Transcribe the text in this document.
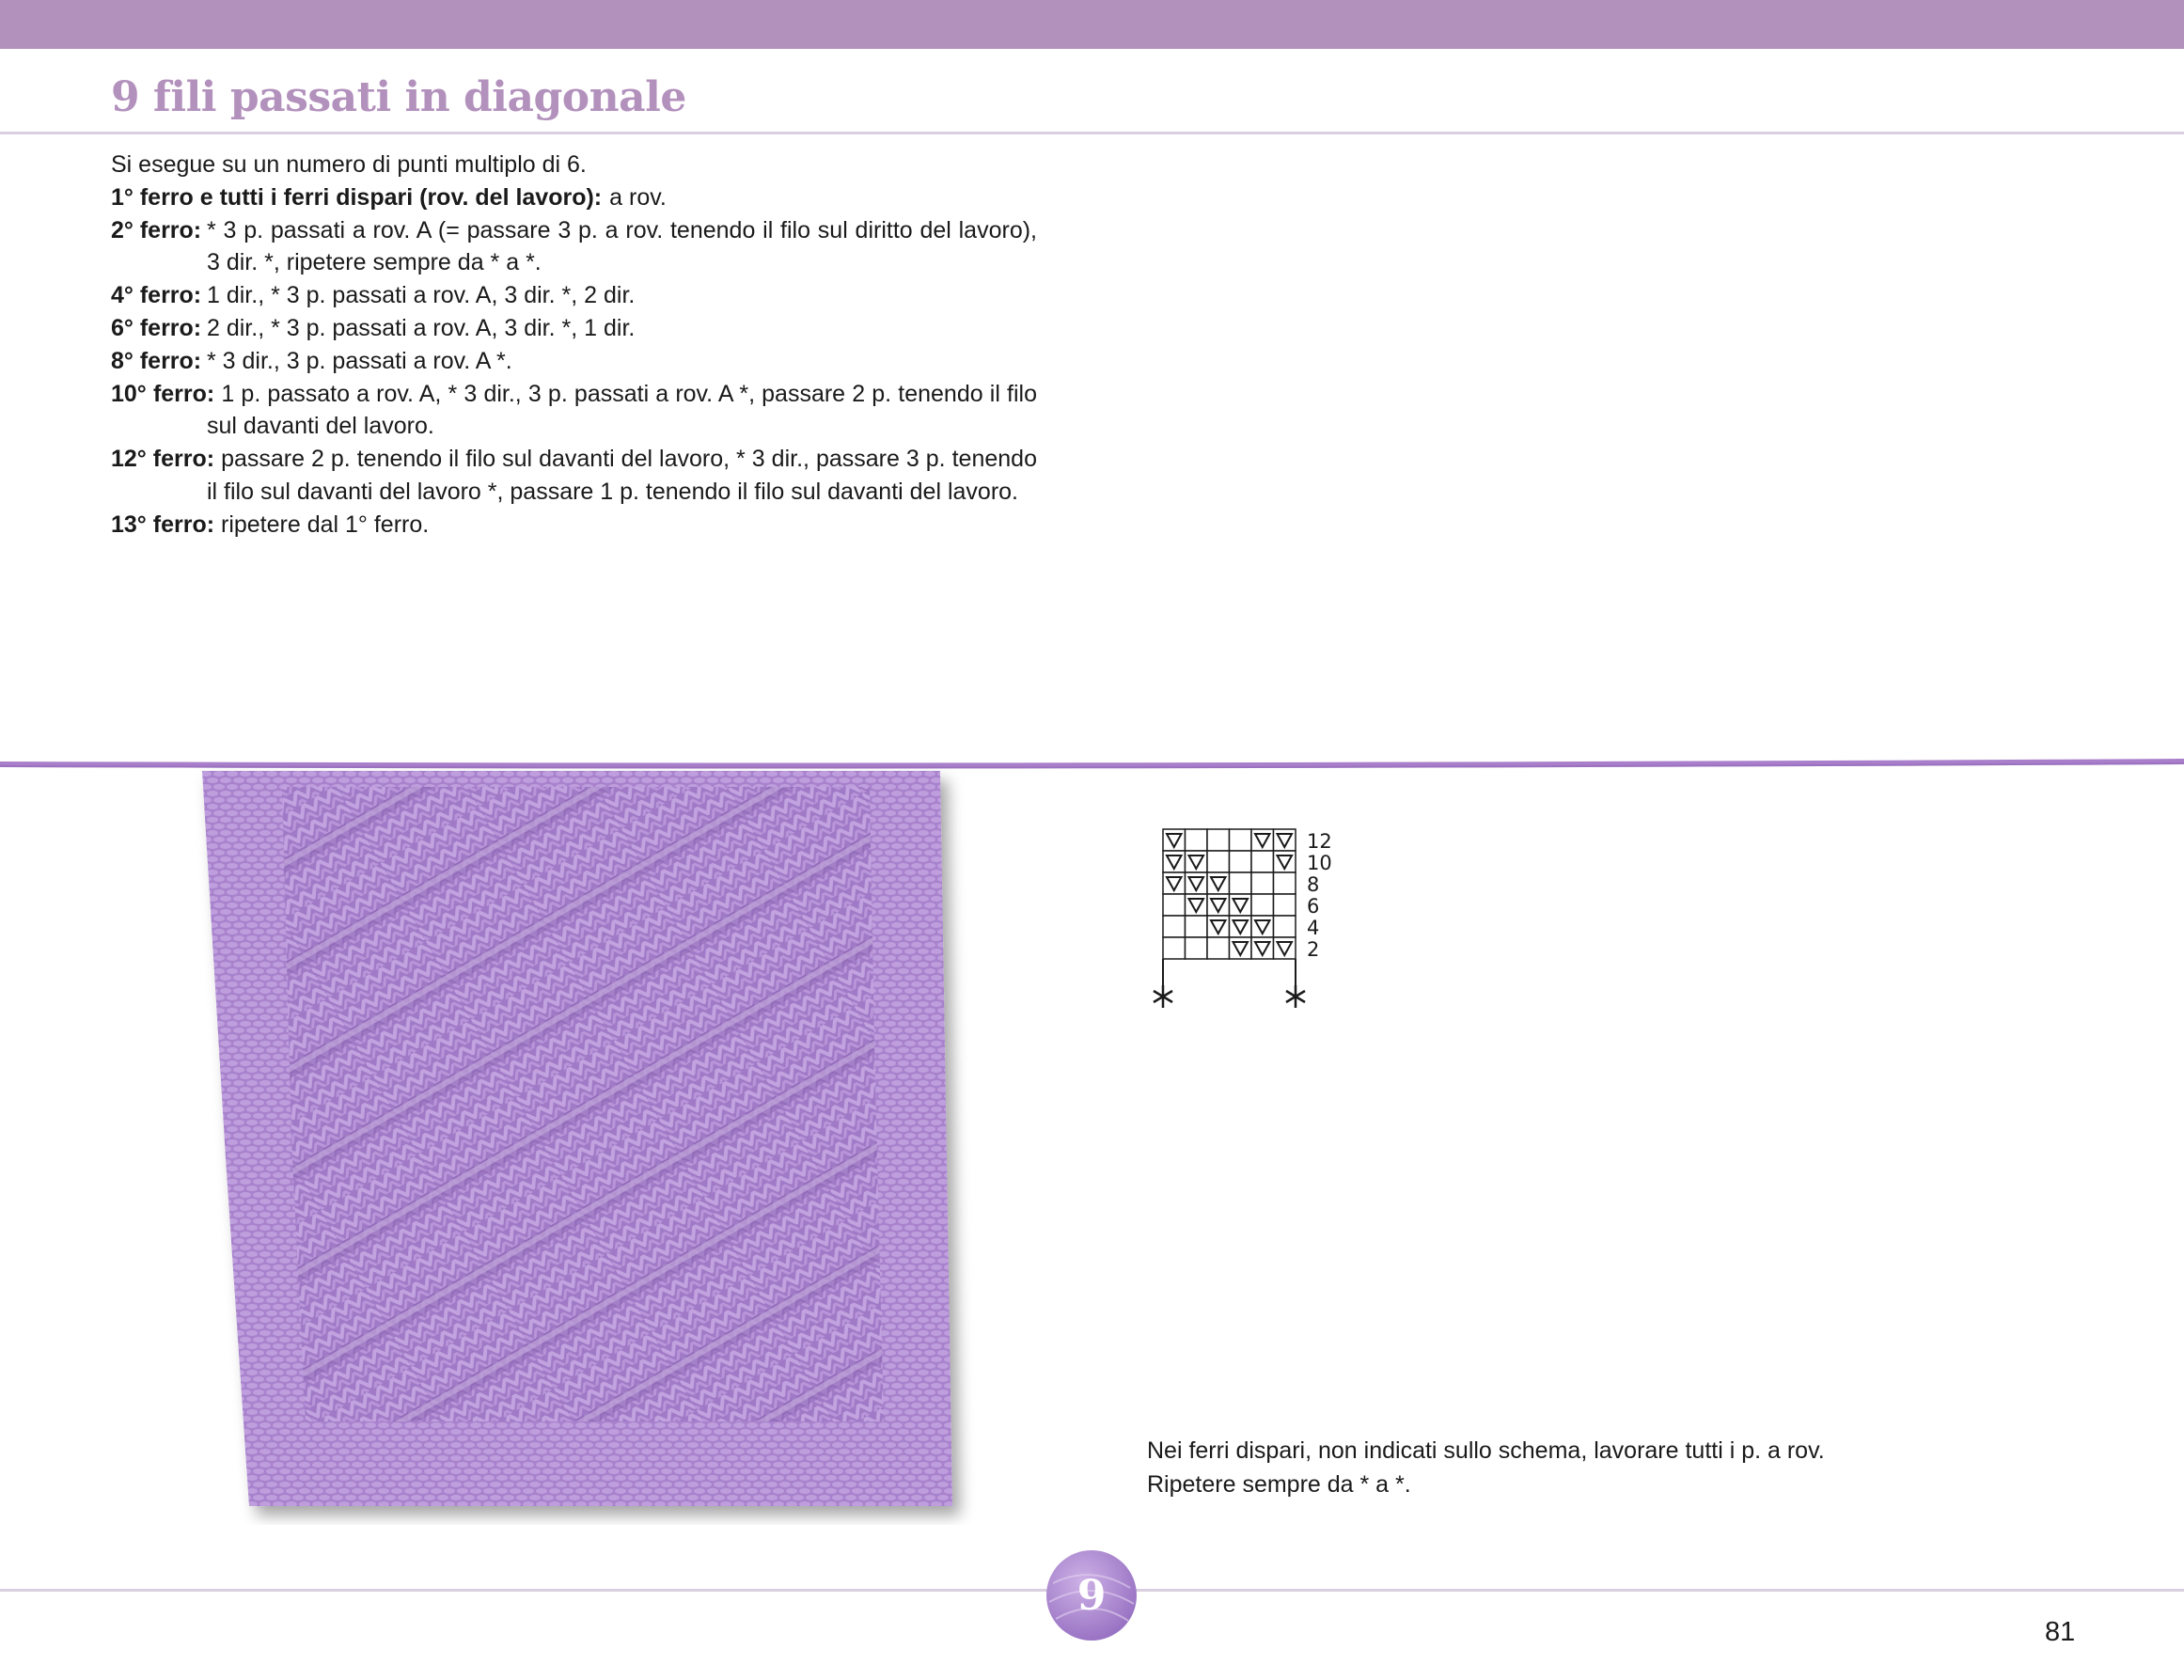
9 fili passati in diagonale

Si esegue su un numero di punti multiplo di 6.

1° ferro e tutti i ferri dispari (rov. del lavoro): a rov.
2° ferro: * 3 p. passati a rov. A (= passare 3 p. a rov. tenendo il filo sul diritto del lavoro), 3 dir. *, ripetere sempre da * a *.
4° ferro: 1 dir., * 3 p. passati a rov. A, 3 dir. *, 2 dir.
6° ferro: 2 dir., * 3 p. passati a rov. A, 3 dir. *, 1 dir.
8° ferro: * 3 dir., 3 p. passati a rov. A *.

10° ferro: 1 p. passato a rov. A, * 3 dir., 3 p. passati a rov. A *, passare 2 p. tenendo il filo sul davanti del lavoro.

12° ferro: passare 2 p. tenendo il filo sul davanti del lavoro, * 3 dir., passare 3 p. tenendo il filo sul davanti del lavoro *, passare 1 p. tenendo il filo sul davanti del lavoro.

13° ferro: ripetere dal 1° ferro.

12
10
8
6
4
2

Nei ferri dispari, non indicati sullo schema, lavorare tutti i p. a rov.

Ripetere sempre da * a *.

9
81
